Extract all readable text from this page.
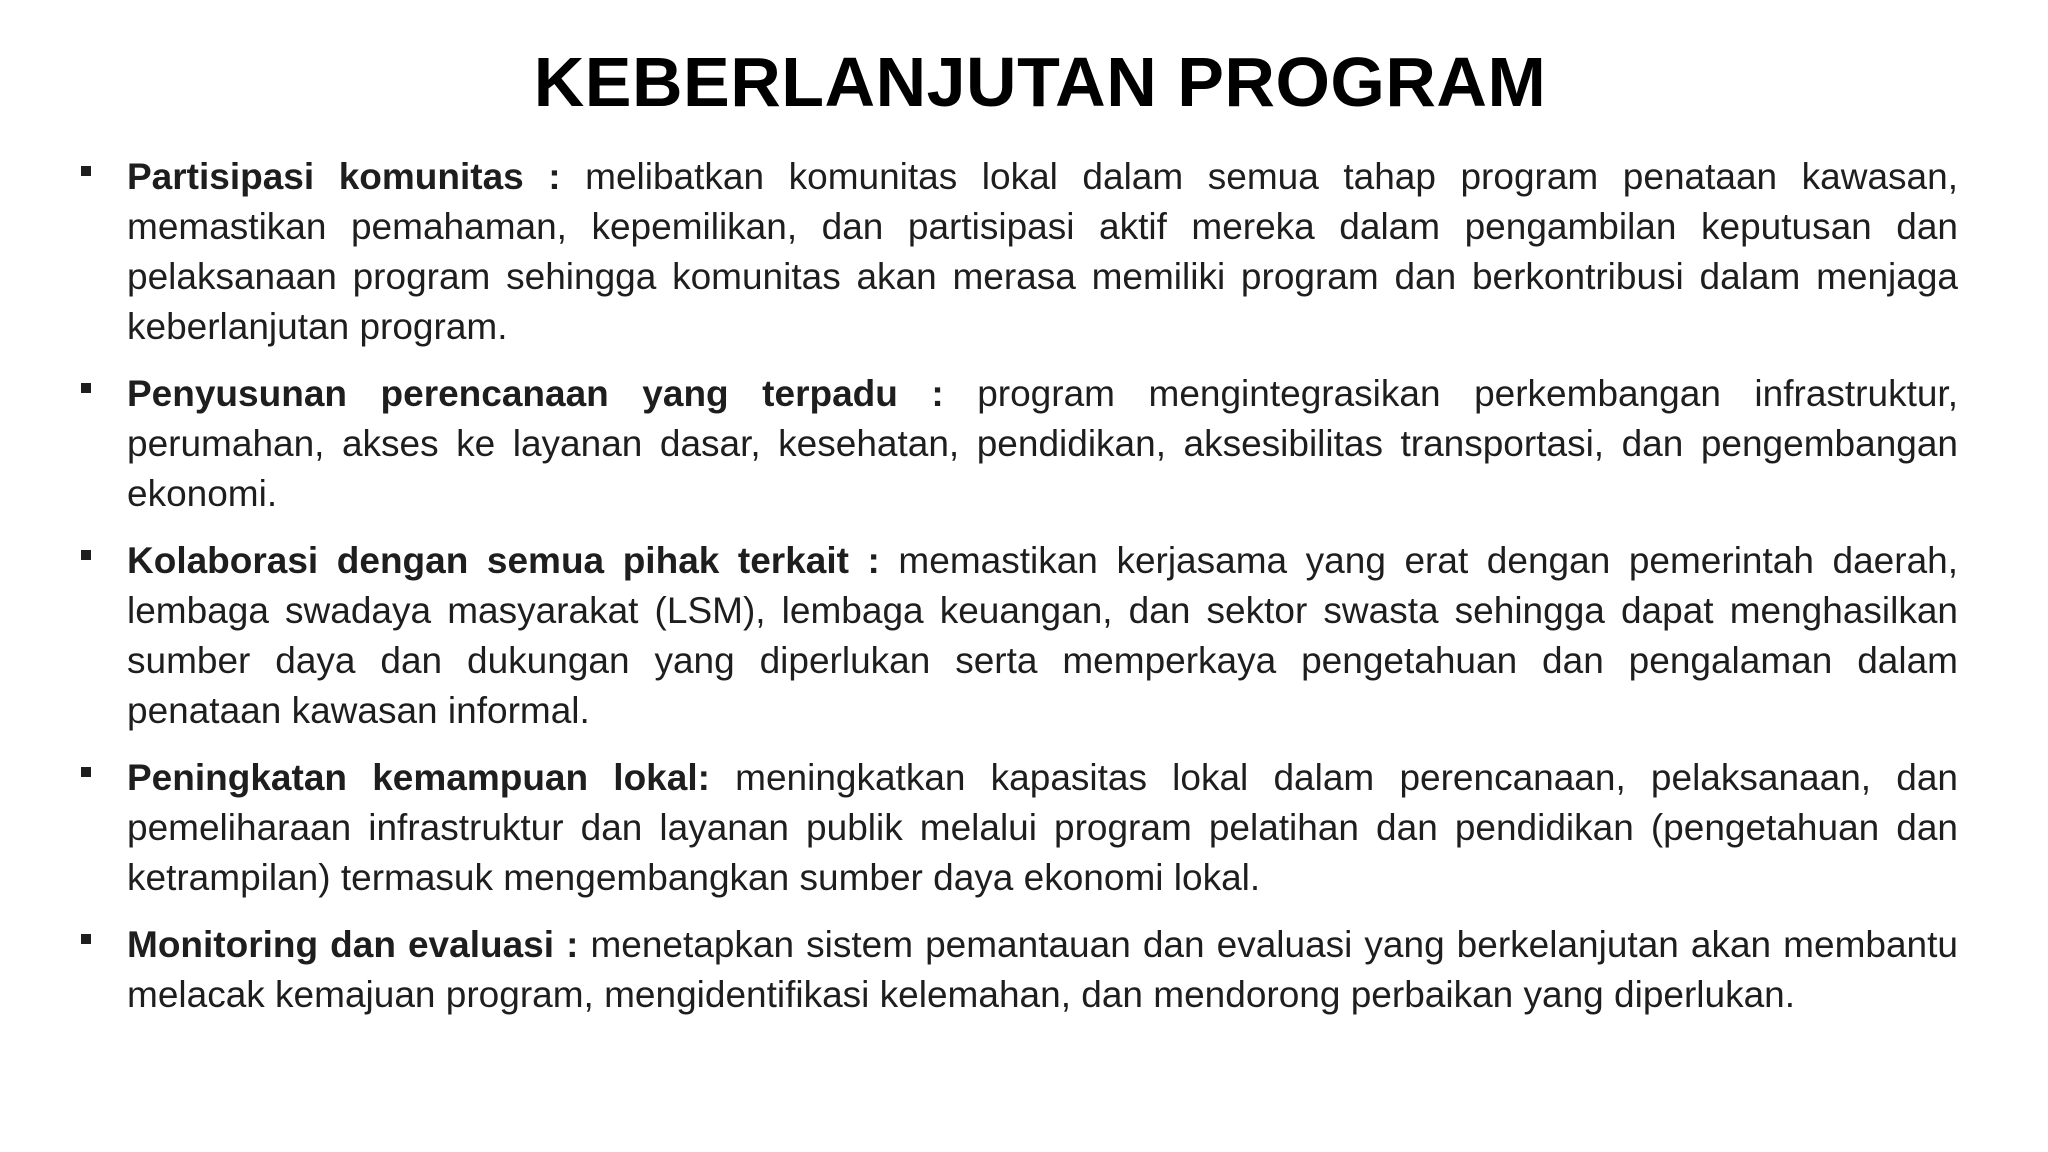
KEBERLANJUTAN PROGRAM
Partisipasi komunitas : melibatkan komunitas lokal dalam semua tahap program penataan kawasan, memastikan pemahaman, kepemilikan, dan partisipasi aktif mereka dalam pengambilan keputusan dan pelaksanaan program sehingga komunitas akan merasa memiliki program dan berkontribusi dalam menjaga keberlanjutan program.
Penyusunan perencanaan yang terpadu : program mengintegrasikan perkembangan infrastruktur, perumahan, akses ke layanan dasar, kesehatan, pendidikan, aksesibilitas transportasi, dan pengembangan ekonomi.
Kolaborasi dengan semua pihak terkait : memastikan kerjasama yang erat dengan pemerintah daerah, lembaga swadaya masyarakat (LSM), lembaga keuangan, dan sektor swasta sehingga dapat menghasilkan sumber daya dan dukungan yang diperlukan serta memperkaya pengetahuan dan pengalaman dalam penataan kawasan informal.
Peningkatan kemampuan lokal: meningkatkan kapasitas lokal dalam perencanaan, pelaksanaan, dan pemeliharaan infrastruktur dan layanan publik melalui program pelatihan dan pendidikan (pengetahuan dan ketrampilan) termasuk mengembangkan sumber daya ekonomi lokal.
Monitoring dan evaluasi : menetapkan sistem pemantauan dan evaluasi yang berkelanjutan akan membantu melacak kemajuan program, mengidentifikasi kelemahan, dan mendorong perbaikan yang diperlukan.
